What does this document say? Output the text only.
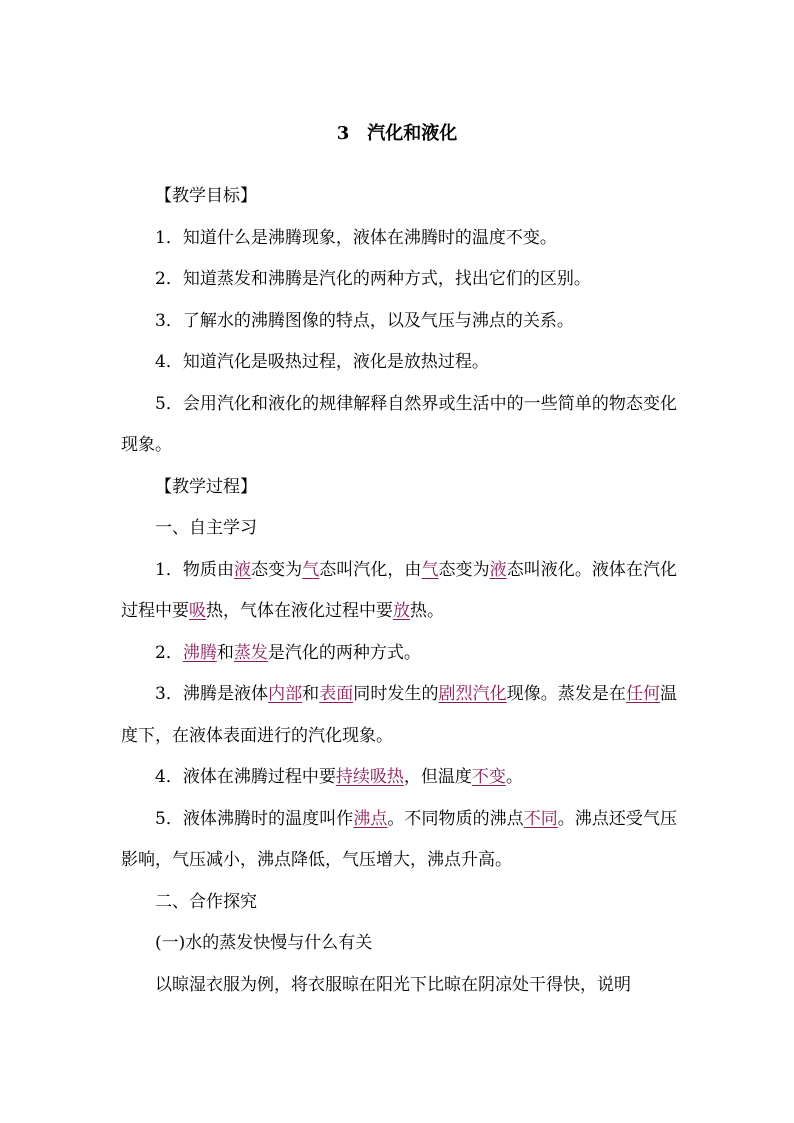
3　汽化和液化

【教学目标】

1．知道什么是沸腾现象，液体在沸腾时的温度不变。

2．知道蒸发和沸腾是汽化的两种方式，找出它们的区别。

3．了解水的沸腾图像的特点，以及气压与沸点的关系。

4．知道汽化是吸热过程，液化是放热过程。

5．会用汽化和液化的规律解释自然界或生活中的一些简单的物态变化现象。

【教学过程】

一、自主学习

1．物质由液态变为气态叫汽化，由气态变为液态叫液化。液体在汽化过程中要吸热，气体在液化过程中要放热。

2．沸腾和蒸发是汽化的两种方式。

3．沸腾是液体内部和表面同时发生的剧烈汽化现像。蒸发是在任何温度下，在液体表面进行的汽化现象。

4．液体在沸腾过程中要持续吸热，但温度不变。

5．液体沸腾时的温度叫作沸点。不同物质的沸点不同。沸点还受气压影响，气压减小，沸点降低，气压增大，沸点升高。

二、合作探究

(一)水的蒸发快慢与什么有关

以晾湿衣服为例，将衣服晾在阳光下比晾在阴凉处干得快，说明
